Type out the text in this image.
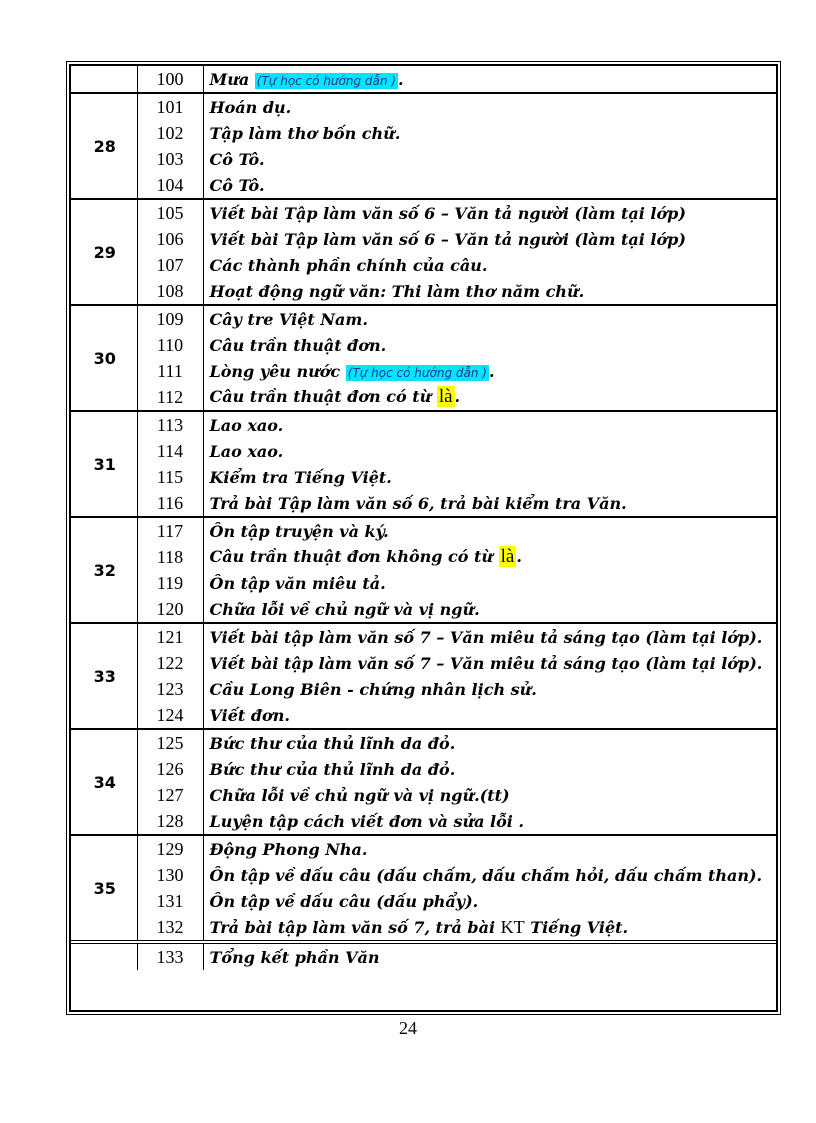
	100	Mưa (Tự học có hướng dẫn ) .
28	101	Hoán dụ.
	102	Tập làm thơ bốn chữ.
	103	Cô Tô.
	104	Cô Tô.
29	105	Viết bài Tập làm văn số 6 – Văn tả người (làm tại lớp)
	106	Viết bài Tập làm văn số 6 – Văn tả người (làm tại lớp)
	107	Các thành phần chính của câu.
	108	Hoạt động ngữ văn: Thi làm thơ năm chữ.
30	109	Cây tre Việt Nam.
	110	Câu trần thuật đơn.
	111	Lòng yêu nước (Tự học có hướng dẫn ) .
	112	Câu trần thuật đơn có từ là .
31	113	Lao xao.
	114	Lao xao.
	115	Kiểm tra Tiếng Việt.
	116	Trả bài Tập làm văn số 6, trả bài kiểm tra Văn.
32	117	Ôn tập truyện và ký.
	118	Câu trần thuật đơn không có từ là .
	119	Ôn tập văn miêu tả.
	120	Chữa lỗi về chủ ngữ và vị ngữ.
33	121	Viết bài tập làm văn số 7 – Văn miêu tả sáng tạo (làm tại lớp).
	122	Viết bài tập làm văn số 7 – Văn miêu tả sáng tạo (làm tại lớp).
	123	Cầu Long Biên - chứng nhân lịch sử.
	124	Viết đơn.
34	125	Bức thư của thủ lĩnh da đỏ.
	126	Bức thư của thủ lĩnh da đỏ.
	127	Chữa lỗi về chủ ngữ và vị ngữ.(tt)
	128	Luyện tập cách viết đơn và sửa lỗi .
35	129	Động Phong Nha.
	130	Ôn tập về dấu câu (dấu chấm, dấu chấm hỏi, dấu chấm than).
	131	Ôn tập về dấu câu (dấu phẩy).
	132	Trả bài tập làm văn số 7, trả bài KT Tiếng Việt.
	133	Tổng kết phần Văn
24
